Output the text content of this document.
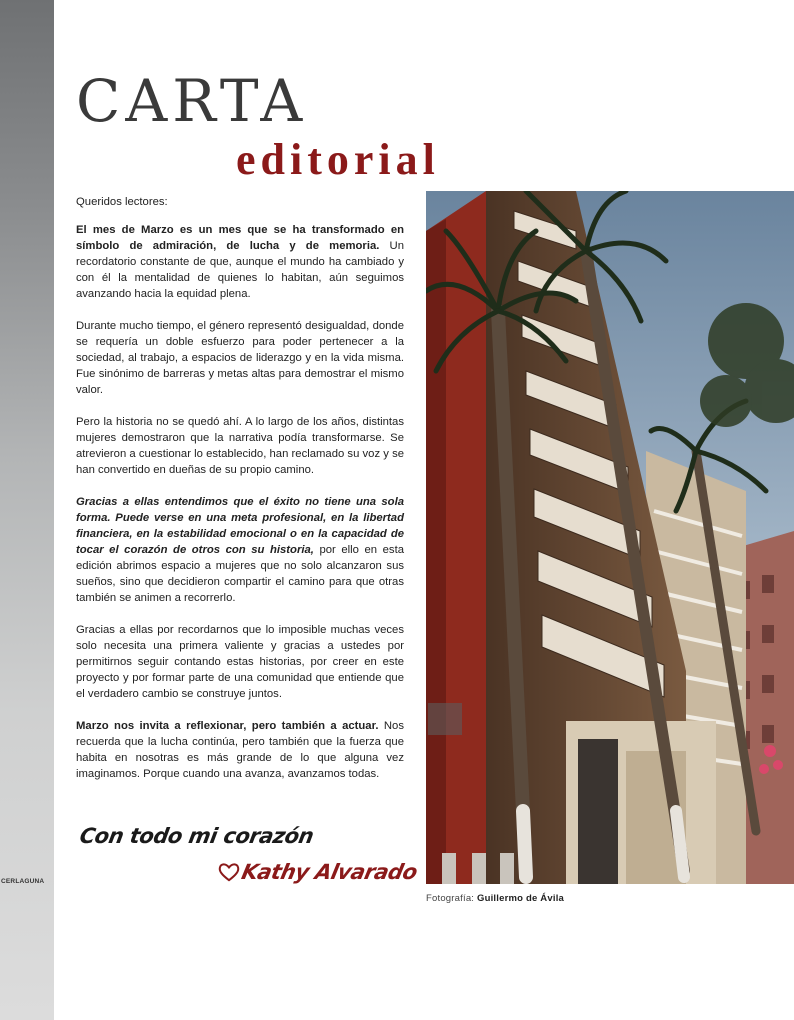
CERLAGUNA
CARTA
editorial

Queridos lectores:

El mes de Marzo es un mes que se ha transformado en símbolo de admiración, de lucha y de memoria. Un recordatorio constante de que, aunque el mundo ha cambiado y con él la mentalidad de quienes lo habitan, aún seguimos avanzando hacia la equidad plena.

Durante mucho tiempo, el género representó desigualdad, donde se requería un doble esfuerzo para poder pertenecer a la sociedad, al trabajo, a espacios de liderazgo y en la vida misma. Fue sinónimo de barreras y metas altas para demostrar el mismo valor.

Pero la historia no se quedó ahí. A lo largo de los años, distintas mujeres demostraron que la narrativa podía transformarse. Se atrevieron a cuestionar lo establecido, han reclamado su voz y se han convertido en dueñas de su propio camino.

Gracias a ellas entendimos que el éxito no tiene una sola forma. Puede verse en una meta profesional, en la libertad financiera, en la estabilidad emocional o en la capacidad de tocar el corazón de otros con su historia, por ello en esta edición abrimos espacio a mujeres que no solo alcanzaron sus sueños, sino que decidieron compartir el camino para que otras también se animen a recorrerlo.

Gracias a ellas por recordarnos que lo imposible muchas veces solo necesita una primera valiente y gracias a ustedes por permitirnos seguir contando estas historias, por creer en este proyecto y por formar parte de una comunidad que entiende que el verdadero cambio se construye juntos.

Marzo nos invita a reflexionar, pero también a actuar. Nos recuerda que la lucha continúa, pero también que la fuerza que habita en nosotras es más grande de lo que alguna vez imaginamos. Porque cuando una avanza, avanzamos todas.

Con todo mi corazón
Kathy Alvarado
Fotografía: Guillermo de Ávila
